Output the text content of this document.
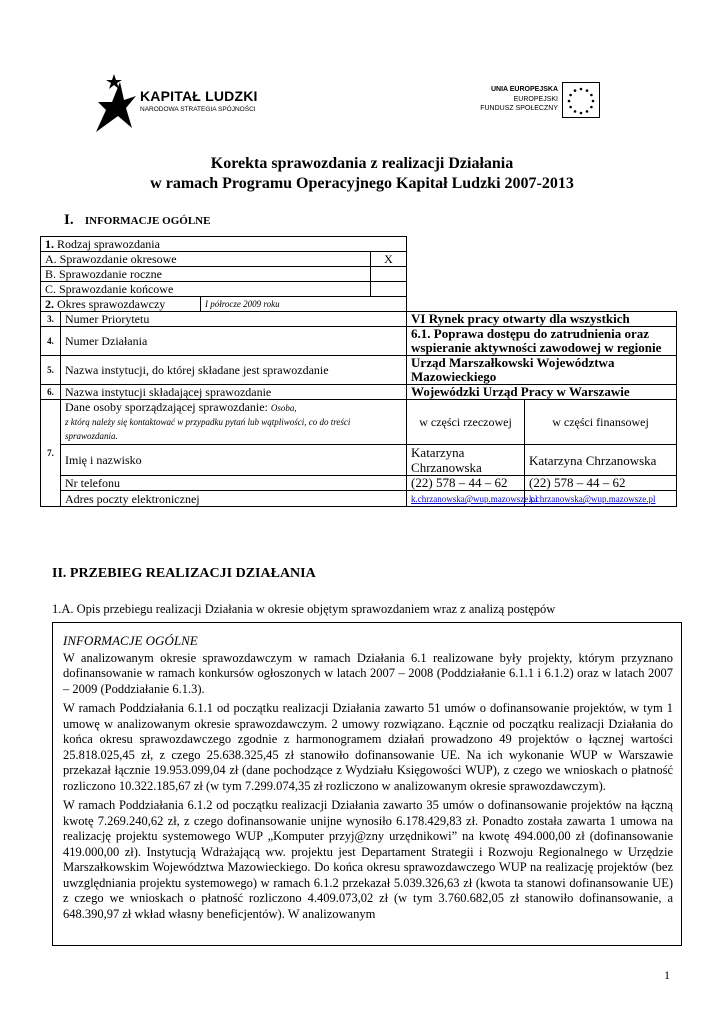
KAPITAŁ LUDZKI
NARODOWA STRATEGIA SPÓJNOŚCI
UNIA EUROPEJSKA
EUROPEJSKI
FUNDUSZ SPOŁECZNY
Korekta sprawozdania z realizacji Działania
w ramach Programu Operacyjnego Kapitał Ludzki 2007-2013
I. INFORMACJE OGÓLNE
1. Rodzaj sprawozdania					
A. Sprawozdanie okresowe			X		
B. Sprawozdanie roczne					
C. Sprawozdanie końcowe					
2. Okres sprawozdawczy		I półrocze 2009 roku			
3.	Numer Priorytetu			VI Rynek pracy otwarty dla wszystkich	
4.	Numer Działania			6.1. Poprawa dostępu do zatrudnienia oraz wspieranie aktywności zawodowej w regionie	
5.	Nazwa instytucji, do której składane jest sprawozdanie			Urząd Marszałkowski Województwa Mazowieckiego	
6.	Nazwa instytucji składającej sprawozdanie			Wojewódzki Urząd Pracy w Warszawie	
7.	Dane osoby sporządzającej sprawozdanie: Osoba,
z którą należy się kontaktować w przypadku pytań lub wątpliwości, co do treści sprawozdania.			w części rzeczowej	w części finansowej
	Imię i nazwisko			Katarzyna Chrzanowska	Katarzyna Chrzanowska
	Nr telefonu			(22) 578 – 44 – 62	(22) 578 – 44 – 62
	Adres poczty elektronicznej			k.chrzanowska@wup.mazowsze.pl	k.chrzanowska@wup.mazowsze.pl
II. PRZEBIEG REALIZACJI DZIAŁANIA
1.A. Opis przebiegu realizacji Działania w okresie objętym sprawozdaniem wraz z analizą postępów

INFORMACJE OGÓLNE

W analizowanym okresie sprawozdawczym w ramach Działania 6.1 realizowane były projekty, którym przyznano dofinansowanie w ramach konkursów ogłoszonych w latach 2007 – 2008 (Poddziałanie 6.1.1 i 6.1.2) oraz w latach 2007 – 2009 (Poddziałanie 6.1.3).

W ramach Poddziałania 6.1.1 od początku realizacji Działania zawarto 51 umów o dofinansowanie projektów, w tym 1 umowę w analizowanym okresie sprawozdawczym. 2 umowy rozwiązano. Łącznie od początku realizacji Działania do końca okresu sprawozdawczego zgodnie z harmonogramem działań prowadzono 49 projektów o łącznej wartości 25.818.025,45 zł, z czego 25.638.325,45 zł stanowiło dofinansowanie UE. Na ich wykonanie WUP w Warszawie przekazał łącznie 19.953.099,04 zł (dane pochodzące z Wydziału Księgowości WUP), z czego we wnioskach o płatność rozliczono 10.322.185,67 zł (w tym 7.299.074,35 zł rozliczono w analizowanym okresie sprawozdawczym).

W ramach Poddziałania 6.1.2 od początku realizacji Działania zawarto 35 umów o dofinansowanie projektów na łączną kwotę 7.269.240,62 zł, z czego dofinansowanie unijne wynosiło 6.178.429,83 zł. Ponadto została zawarta 1 umowa na realizację projektu systemowego WUP „Komputer przyj@zny urzędnikowi” na kwotę 494.000,00 zł (dofinansowanie 419.000,00 zł). Instytucją Wdrażającą ww. projektu jest Departament Strategii i Rozwoju Regionalnego w Urzędzie Marszałkowskim Województwa Mazowieckiego. Do końca okresu sprawozdawczego WUP na realizację projektów (bez uwzględniania projektu systemowego) w ramach 6.1.2 przekazał 5.039.326,63 zł (kwota ta stanowi dofinansowanie UE) z czego we wnioskach o płatność rozliczono 4.409.073,02 zł (w tym 3.760.682,05 zł stanowiło dofinansowanie, a 648.390,97 zł wkład własny beneficjentów). W analizowanym

1
